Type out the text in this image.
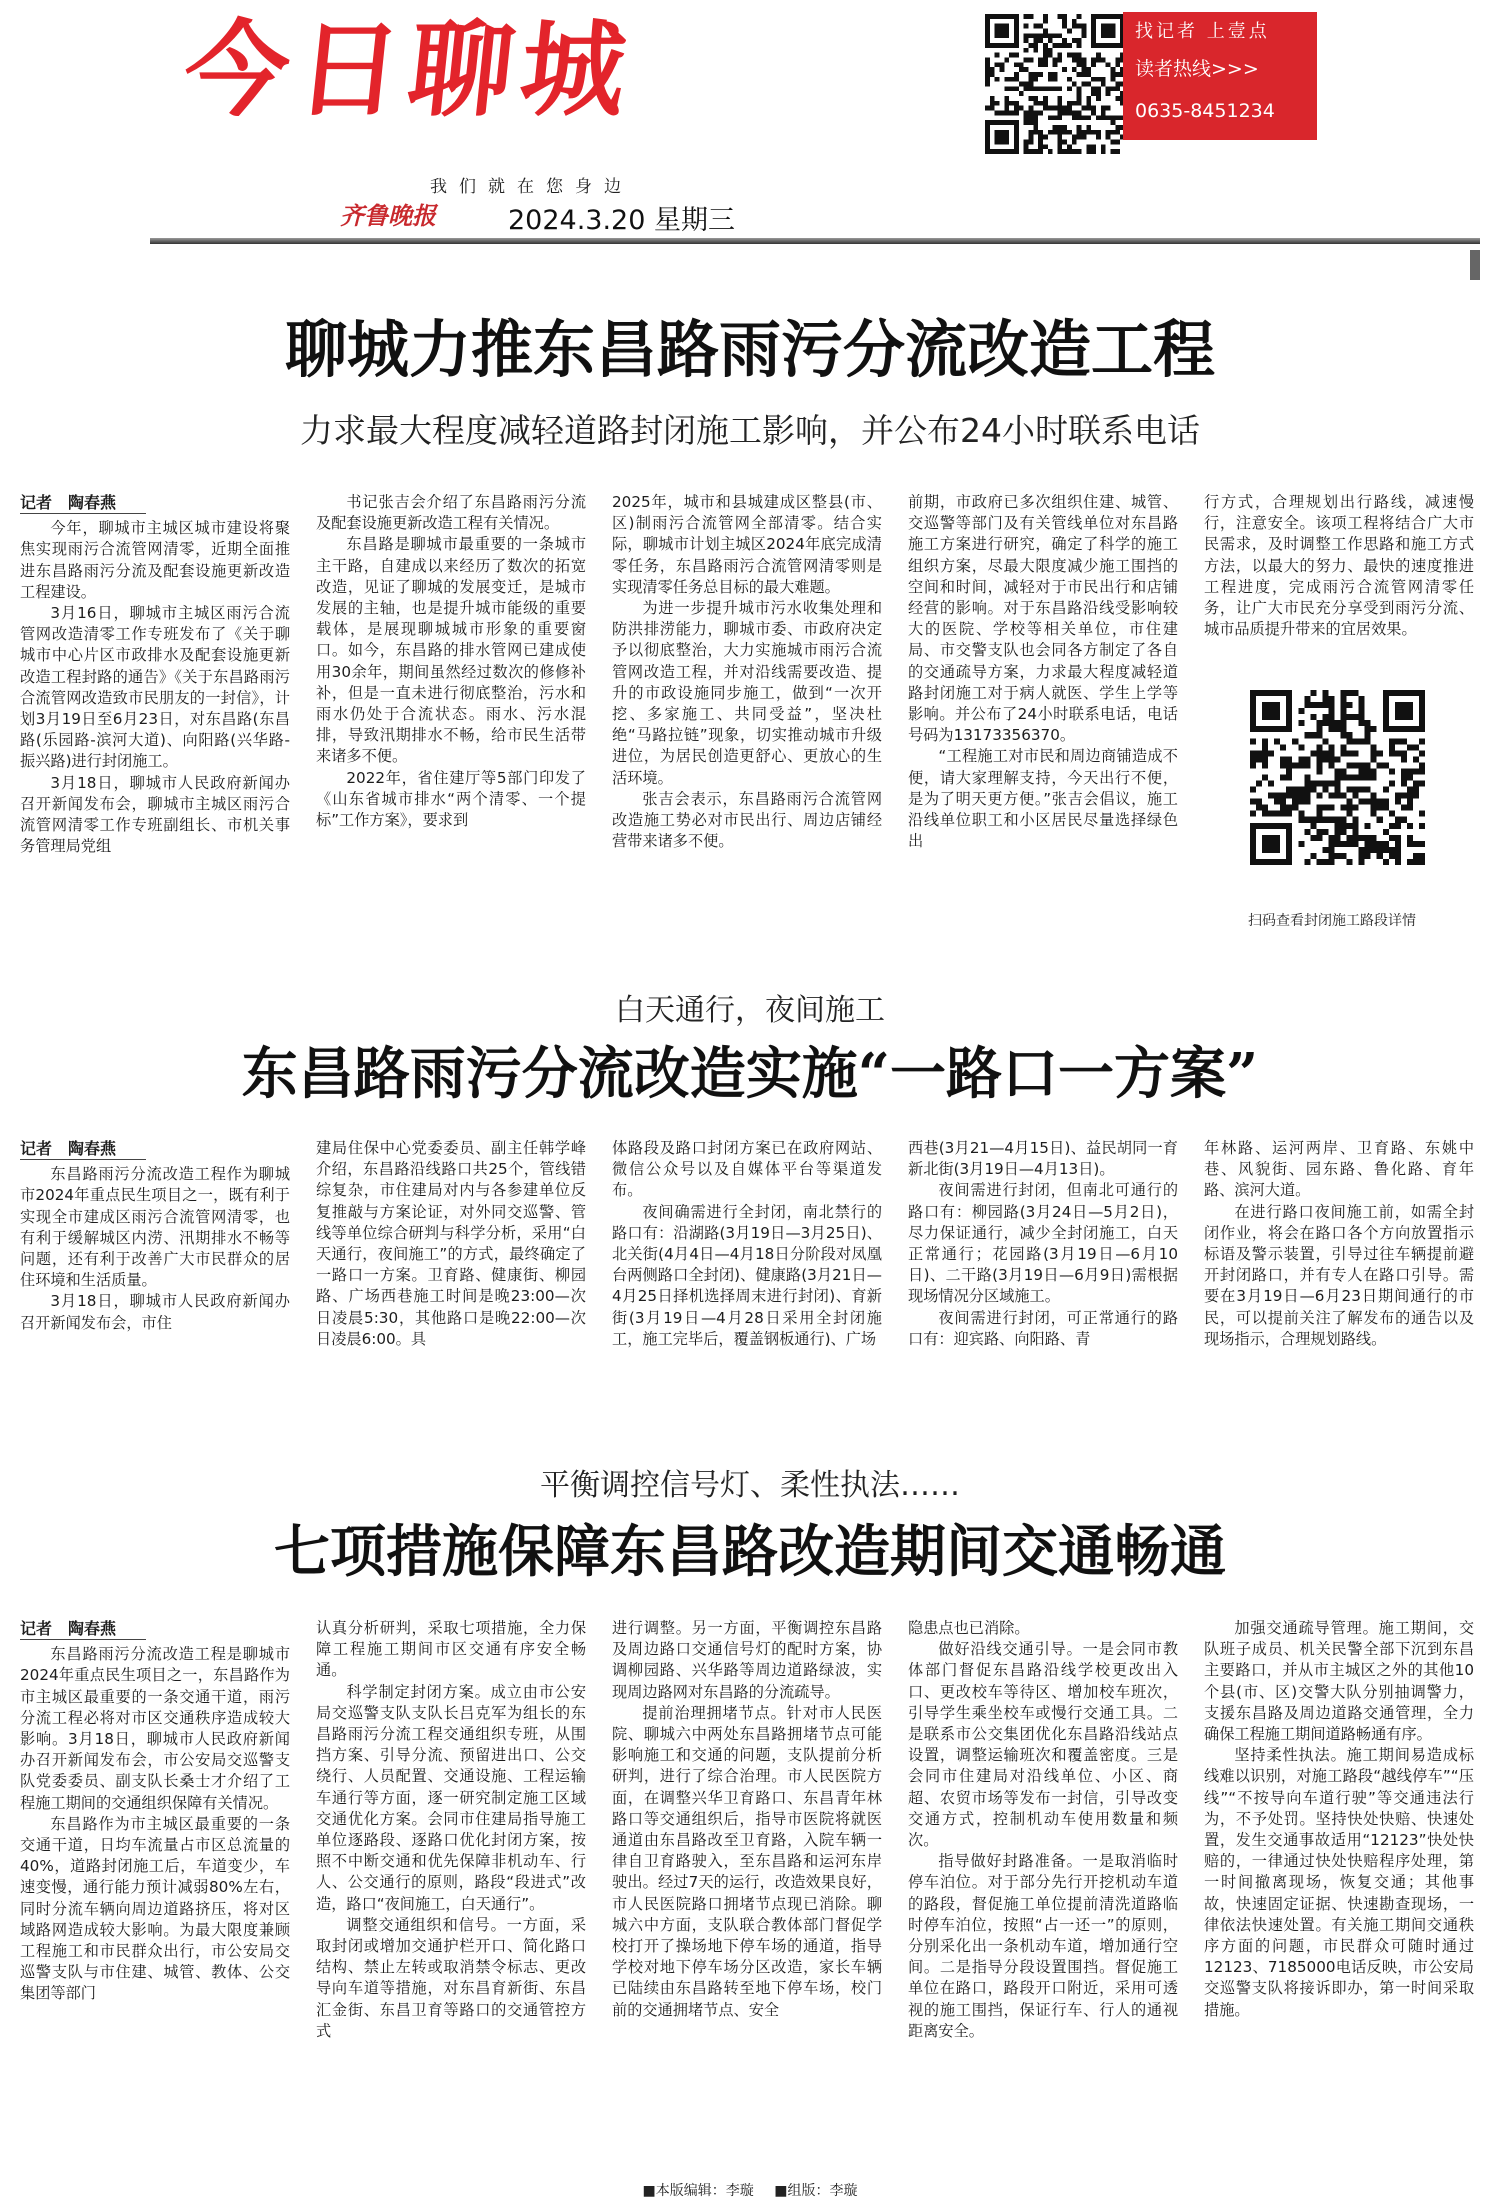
今日聊城	找记者 上壹点
读者热线>>>
0635-8451234
我们就在您身边
齐鲁晚报	2024.3.20 星期三
聊城力推东昌路雨污分流改造工程
力求最大程度减轻道路封闭施工影响，并公布24小时联系电话

记者　陶春燕

今年，聊城市主城区城市建设将聚焦实现雨污合流管网清零，近期全面推进东昌路雨污分流及配套设施更新改造工程建设。

3月16日，聊城市主城区雨污合流管网改造清零工作专班发布了《关于聊城市中心片区市政排水及配套设施更新改造工程封路的通告》《关于东昌路雨污合流管网改造致市民朋友的一封信》，计划3月19日至6月23日，对东昌路(东昌路(乐园路-滨河大道)、向阳路(兴华路-振兴路)进行封闭施工。

3月18日，聊城市人民政府新闻办召开新闻发布会，聊城市主城区雨污合流管网清零工作专班副组长、市机关事务管理局党组

书记张吉会介绍了东昌路雨污分流及配套设施更新改造工程有关情况。

东昌路是聊城市最重要的一条城市主干路，自建成以来经历了数次的拓宽改造，见证了聊城的发展变迁，是城市发展的主轴，也是提升城市能级的重要载体，是展现聊城城市形象的重要窗口。如今，东昌路的排水管网已建成使用30余年，期间虽然经过数次的修修补补，但是一直未进行彻底整治，污水和雨水仍处于合流状态。雨水、污水混排，导致汛期排水不畅，给市民生活带来诸多不便。

2022年，省住建厅等5部门印发了《山东省城市排水“两个清零、一个提标”工作方案》，要求到

2025年，城市和县城建成区整县(市、区)制雨污合流管网全部清零。结合实际，聊城市计划主城区2024年底完成清零任务，东昌路雨污合流管网清零则是实现清零任务总目标的最大难题。

为进一步提升城市污水收集处理和防洪排涝能力，聊城市委、市政府决定予以彻底整治，大力实施城市雨污合流管网改造工程，并对沿线需要改造、提升的市政设施同步施工，做到“一次开挖、多家施工、共同受益”，坚决杜绝“马路拉链”现象，切实推动城市升级进位，为居民创造更舒心、更放心的生活环境。

张吉会表示，东昌路雨污合流管网改造施工势必对市民出行、周边店铺经营带来诸多不便。

前期，市政府已多次组织住建、城管、交巡警等部门及有关管线单位对东昌路施工方案进行研究，确定了科学的施工组织方案，尽最大限度减少施工围挡的空间和时间，减轻对于市民出行和店铺经营的影响。对于东昌路沿线受影响较大的医院、学校等相关单位，市住建局、市交警支队也会同各方制定了各自的交通疏导方案，力求最大程度减轻道路封闭施工对于病人就医、学生上学等影响。并公布了24小时联系电话，电话号码为13173356370。

“工程施工对市民和周边商铺造成不便，请大家理解支持，今天出行不便，是为了明天更方便。”张吉会倡议，施工沿线单位职工和小区居民尽量选择绿色出

行方式，合理规划出行路线，减速慢行，注意安全。该项工程将结合广大市民需求，及时调整工作思路和施工方式方法，以最大的努力、最快的速度推进工程进度，完成雨污合流管网清零任务，让广大市民充分享受到雨污分流、城市品质提升带来的宜居效果。

扫码查看封闭施工路段详情
白天通行，夜间施工
东昌路雨污分流改造实施“一路口一方案”

记者　陶春燕

东昌路雨污分流改造工程作为聊城市2024年重点民生项目之一，既有利于实现全市建成区雨污合流管网清零，也有利于缓解城区内涝、汛期排水不畅等问题，还有利于改善广大市民群众的居住环境和生活质量。

3月18日，聊城市人民政府新闻办召开新闻发布会，市住

建局住保中心党委委员、副主任韩学峰介绍，东昌路沿线路口共25个，管线错综复杂，市住建局对内与各参建单位反复推敲与方案论证，对外同交巡警、管线等单位综合研判与科学分析，采用“白天通行，夜间施工”的方式，最终确定了一路口一方案。卫育路、健康街、柳园路、广场西巷施工时间是晚23:00—次日凌晨5:30，其他路口是晚22:00—次日凌晨6:00。具

体路段及路口封闭方案已在政府网站、微信公众号以及自媒体平台等渠道发布。

夜间确需进行全封闭，南北禁行的路口有：沿湖路(3月19日—3月25日)、北关街(4月4日—4月18日分阶段对凤凰台两侧路口全封闭)、健康路(3月21日—4月25日择机选择周末进行封闭)、育新街(3月19日—4月28日采用全封闭施工，施工完毕后，覆盖钢板通行)、广场

西巷(3月21—4月15日)、益民胡同一育新北街(3月19日—4月13日)。

夜间需进行封闭，但南北可通行的路口有：柳园路(3月24日—5月2日)，尽力保证通行，减少全封闭施工，白天正常通行；花园路(3月19日—6月10日)、二干路(3月19日—6月9日)需根据现场情况分区域施工。

夜间需进行封闭，可正常通行的路口有：迎宾路、向阳路、青

年林路、运河两岸、卫育路、东姚中巷、风貌街、园东路、鲁化路、育年路、滨河大道。

在进行路口夜间施工前，如需全封闭作业，将会在路口各个方向放置指示标语及警示装置，引导过往车辆提前避开封闭路口，并有专人在路口引导。需要在3月19日—6月23日期间通行的市民，可以提前关注了解发布的通告以及现场指示，合理规划路线。

平衡调控信号灯、柔性执法……
七项措施保障东昌路改造期间交通畅通

记者　陶春燕

东昌路雨污分流改造工程是聊城市2024年重点民生项目之一，东昌路作为市主城区最重要的一条交通干道，雨污分流工程必将对市区交通秩序造成较大影响。3月18日，聊城市人民政府新闻办召开新闻发布会，市公安局交巡警支队党委委员、副支队长桑士才介绍了工程施工期间的交通组织保障有关情况。

东昌路作为市主城区最重要的一条交通干道，日均车流量占市区总流量的40%，道路封闭施工后，车道变少，车速变慢，通行能力预计减弱80%左右，同时分流车辆向周边道路挤压，将对区域路网造成较大影响。为最大限度兼顾工程施工和市民群众出行，市公安局交巡警支队与市住建、城管、教体、公交集团等部门

认真分析研判，采取七项措施，全力保障工程施工期间市区交通有序安全畅通。

科学制定封闭方案。成立由市公安局交巡警支队支队长吕克军为组长的东昌路雨污分流工程交通组织专班，从围挡方案、引导分流、预留进出口、公交绕行、人员配置、交通设施、工程运输车通行等方面，逐一研究制定施工区域交通优化方案。会同市住建局指导施工单位逐路段、逐路口优化封闭方案，按照不中断交通和优先保障非机动车、行人、公交通行的原则，路段“段进式”改造，路口“夜间施工，白天通行”。

调整交通组织和信号。一方面，采取封闭或增加交通护栏开口、简化路口结构、禁止左转或取消禁令标志、更改导向车道等措施，对东昌育新街、东昌汇金街、东昌卫育等路口的交通管控方式

进行调整。另一方面，平衡调控东昌路及周边路口交通信号灯的配时方案，协调柳园路、兴华路等周边道路绿波，实现周边路网对东昌路的分流疏导。

提前治理拥堵节点。针对市人民医院、聊城六中两处东昌路拥堵节点可能影响施工和交通的问题，支队提前分析研判，进行了综合治理。市人民医院方面，在调整兴华卫育路口、东昌青年林路口等交通组织后，指导市医院将就医通道由东昌路改至卫育路，入院车辆一律自卫育路驶入，至东昌路和运河东岸驶出。经过7天的运行，改造效果良好，市人民医院路口拥堵节点现已消除。聊城六中方面，支队联合教体部门督促学校打开了操场地下停车场的通道，指导学校对地下停车场分区改造，家长车辆已陆续由东昌路转至地下停车场，校门前的交通拥堵节点、安全

隐患点也已消除。

做好沿线交通引导。一是会同市教体部门督促东昌路沿线学校更改出入口、更改校车等待区、增加校车班次，引导学生乘坐校车或慢行交通工具。二是联系市公交集团优化东昌路沿线站点设置，调整运输班次和覆盖密度。三是会同市住建局对沿线单位、小区、商超、农贸市场等发布一封信，引导改变交通方式，控制机动车使用数量和频次。

指导做好封路准备。一是取消临时停车泊位。对于部分先行开挖机动车道的路段，督促施工单位提前清洗道路临时停车泊位，按照“占一还一”的原则，分别采化出一条机动车道，增加通行空间。二是指导分段设置围挡。督促施工单位在路口，路段开口附近，采用可透视的施工围挡，保证行车、行人的通视距离安全。

加强交通疏导管理。施工期间，交队班子成员、机关民警全部下沉到东昌主要路口，并从市主城区之外的其他10个县(市、区)交警大队分别抽调警力，支援东昌路及周边道路交通管理，全力确保工程施工期间道路畅通有序。

坚持柔性执法。施工期间易造成标线难以识别，对施工路段“越线停车”“压线”“不按导向车道行驶”等交通违法行为，不予处罚。坚持快处快赔、快速处置，发生交通事故适用“12123”快处快赔的，一律通过快处快赔程序处理，第一时间撤离现场，恢复交通；其他事故，快速固定证据、快速勘查现场，一律依法快速处置。有关施工期间交通秩序方面的问题，市民群众可随时通过12123、7185000电话反映，市公安局交巡警支队将接诉即办，第一时间采取措施。

■本版编辑：李璇 ■组版：李璇
